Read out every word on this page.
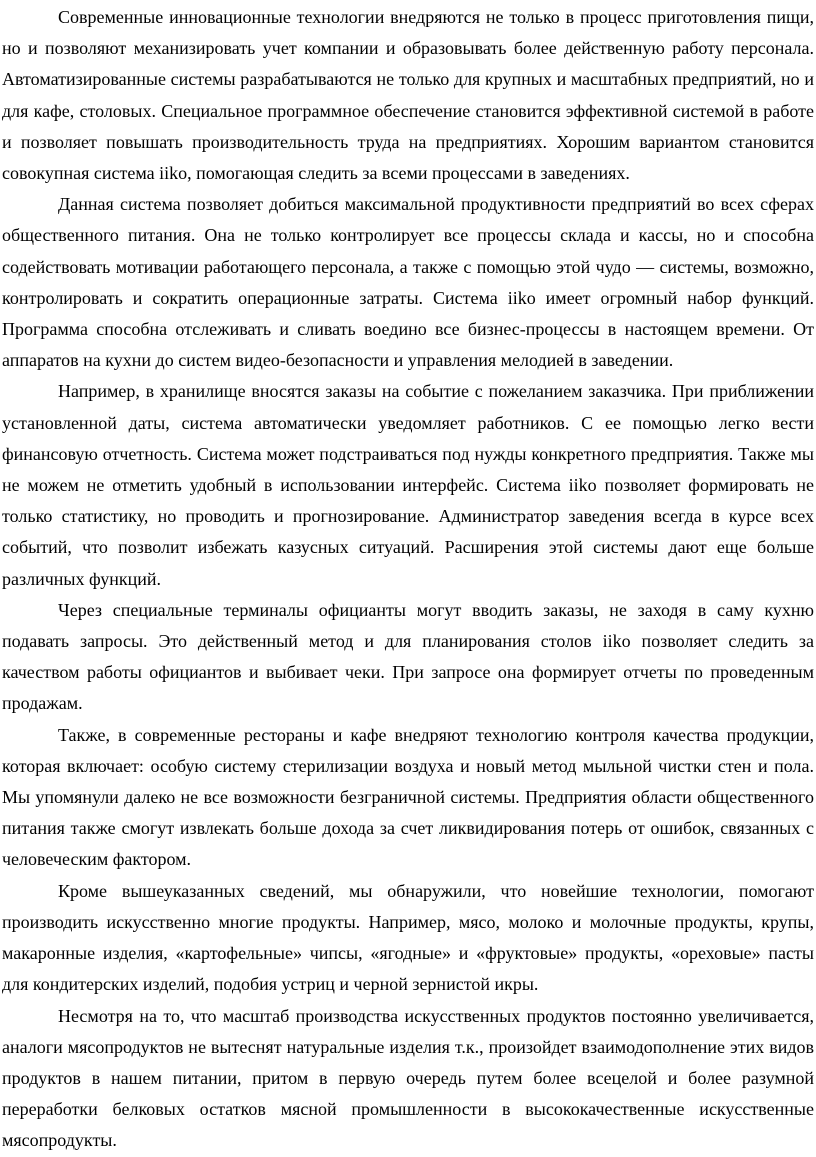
Современные инновационные технологии внедряются не только в процесс приготовления пищи, но и позволяют механизировать учет компании и образовывать более действенную работу персонала. Автоматизированные системы разрабатываются не только для крупных и масштабных предприятий, но и для кафе, столовых. Специальное программное обеспечение становится эффективной системой в работе и позволяет повышать производительность труда на предприятиях. Хорошим вариантом становится совокупная система iiko, помогающая следить за всеми процессами в заведениях.

Данная система позволяет добиться максимальной продуктивности предприятий во всех сферах общественного питания. Она не только контролирует все процессы склада и кассы, но и способна содействовать мотивации работающего персонала, а также с помощью этой чудо — системы, возможно, контролировать и сократить операционные затраты. Система iiko имеет огромный набор функций. Программа способна отслеживать и сливать воедино все бизнес-процессы в настоящем времени. От аппаратов на кухни до систем видео-безопасности и управления мелодией в заведении.

Например, в хранилище вносятся заказы на событие с пожеланием заказчика. При приближении установленной даты, система автоматически уведомляет работников. С ее помощью легко вести финансовую отчетность. Система может подстраиваться под нужды конкретного предприятия. Также мы не можем не отметить удобный в использовании интерфейс. Система iiko позволяет формировать не только статистику, но проводить и прогнозирование. Администратор заведения всегда в курсе всех событий, что позволит избежать казусных ситуаций. Расширения этой системы дают еще больше различных функций.

Через специальные терминалы официанты могут вводить заказы, не заходя в саму кухню подавать запросы. Это действенный метод и для планирования столов iiko позволяет следить за качеством работы официантов и выбивает чеки. При запросе она формирует отчеты по проведенным продажам.

Также, в современные рестораны и кафе внедряют технологию контроля качества продукции, которая включает: особую систему стерилизации воздуха и новый метод мыльной чистки стен и пола. Мы упомянули далеко не все возможности безграничной системы. Предприятия области общественного питания также смогут извлекать больше дохода за счет ликвидирования потерь от ошибок, связанных с человеческим фактором.

Кроме вышеуказанных сведений, мы обнаружили, что новейшие технологии, помогают производить искусственно многие продукты. Например, мясо, молоко и молочные продукты, крупы, макаронные изделия, «картофельные» чипсы, «ягодные» и «фруктовые» продукты, «ореховые» пасты для кондитерских изделий, подобия устриц и черной зернистой икры.

Несмотря на то, что масштаб производства искусственных продуктов постоянно увеличивается, аналоги мясопродуктов не вытеснят натуральные изделия т.к., произойдет взаимодополнение этих видов продуктов в нашем питании, притом в первую очередь путем более всецелой и более разумной переработки белковых остатков мясной промышленности в высококачественные искусственные мясопродукты.
